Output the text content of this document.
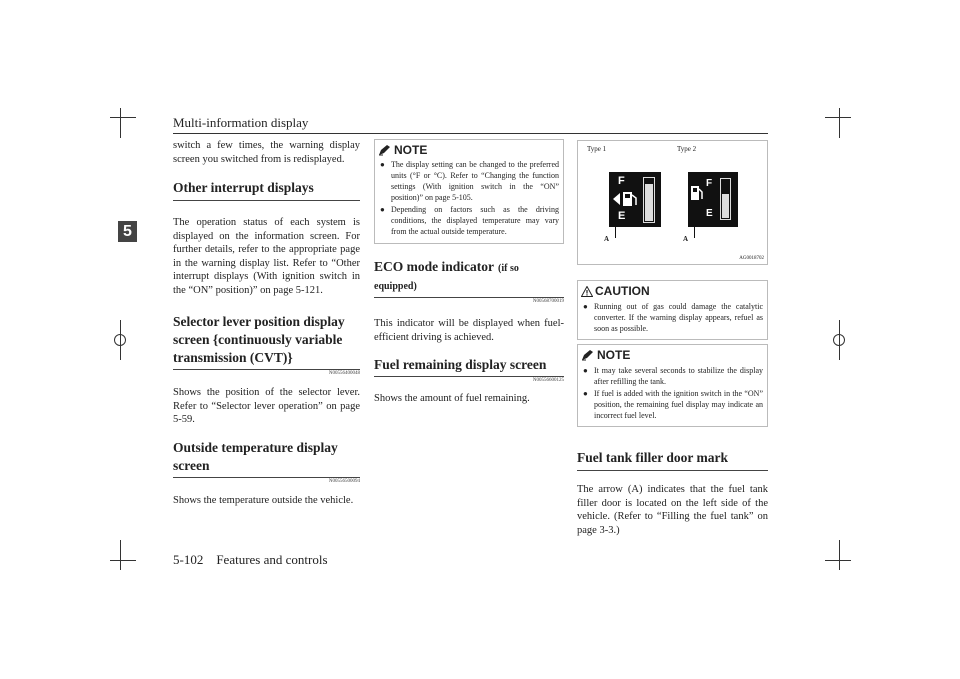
Multi-information display
5

switch a few times, the warning display screen you switched from is redisplayed.

Other interrupt displays

The operation status of each system is displayed on the information screen. For further details, refer to the appropriate page in the warning display list. Refer to “Other interrupt displays (With ignition switch in the “ON” position)” on page 5-121.

Selector lever position display screen {continuously variable transmission (CVT)}
N00556400048

Shows the position of the selector lever. Refer to “Selector lever operation” on page 5-59.

Outside temperature display screen
N00556500094

Shows the temperature outside the vehicle.

NOTE
● The display setting can be changed to the preferred units (°F or °C). Refer to “Changing the function settings (With ignition switch in the “ON” position)” on page 5-105.
● Depending on factors such as the driving conditions, the displayed temperature may vary from the actual outside temperature.
ECO mode indicator (if so equipped)
N00568700019

This indicator will be displayed when fuel-efficient driving is achieved.

Fuel remaining display screen
N00556600125

Shows the amount of fuel remaining.

Type 1	Type 2
F
E
A
F
E
A
AG0018702
CAUTION
● Running out of gas could damage the catalytic converter. If the warning display appears, refuel as soon as possible.
NOTE
● It may take several seconds to stabilize the display after refilling the tank.
● If fuel is added with the ignition switch in the “ON” position, the remaining fuel display may indicate an incorrect fuel level.
Fuel tank filler door mark

The arrow (A) indicates that the fuel tank filler door is located on the left side of the vehicle. (Refer to “Filling the fuel tank” on page 3-3.)

5-102    Features and controls
